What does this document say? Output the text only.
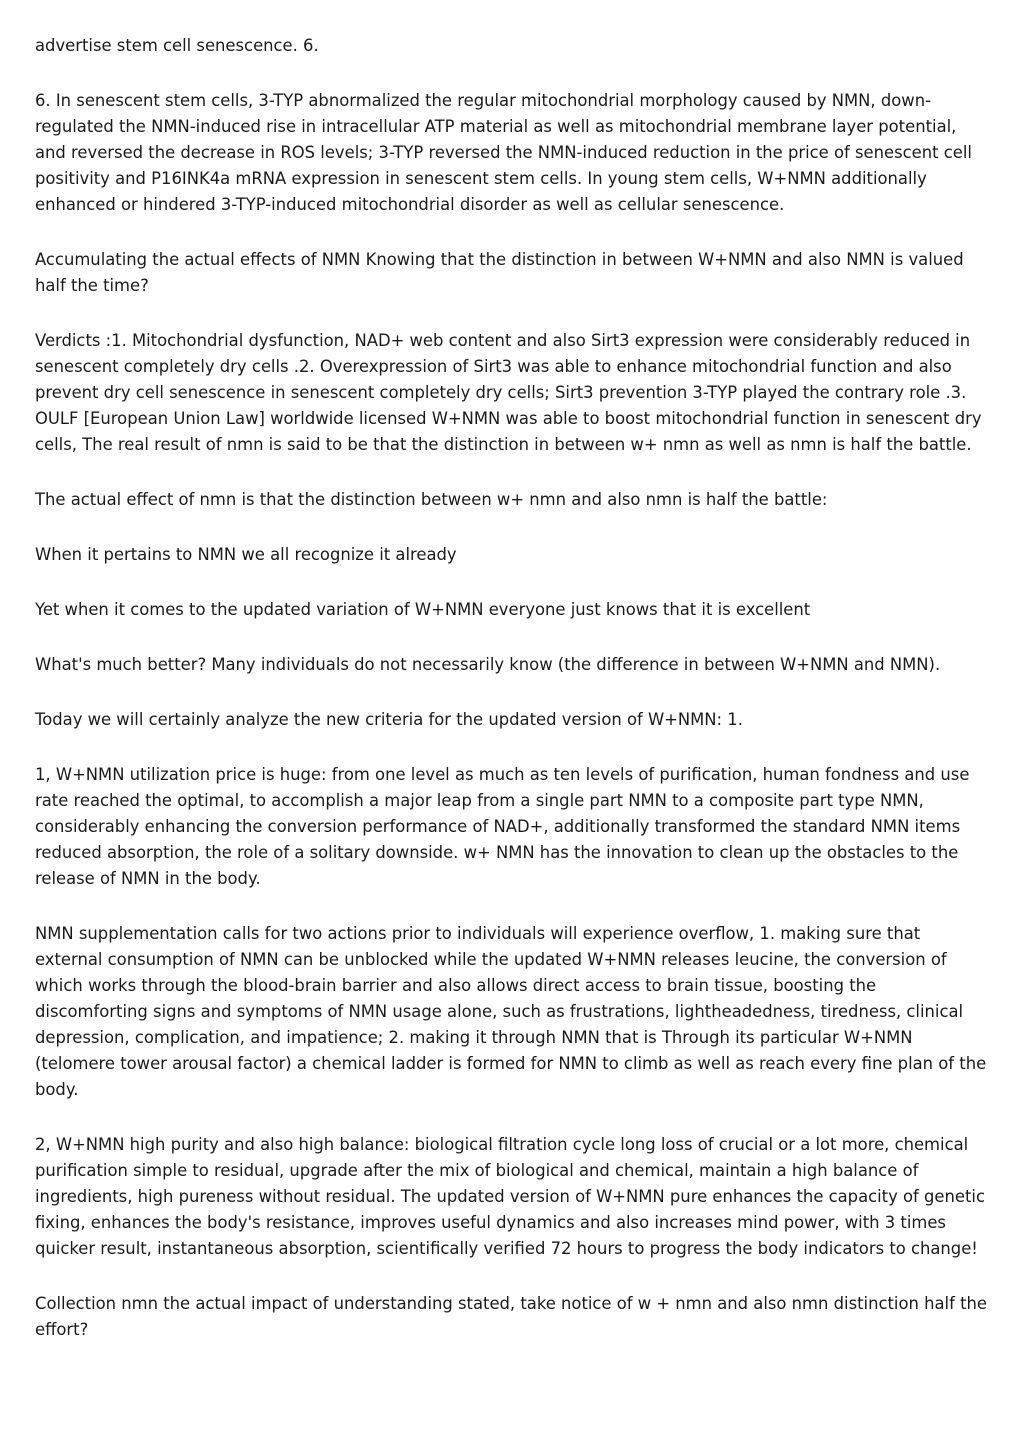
advertise stem cell senescence. 6.

6. In senescent stem cells, 3-TYP abnormalized the regular mitochondrial morphology caused by NMN, down-regulated the NMN-induced rise in intracellular ATP material as well as mitochondrial membrane layer potential, and reversed the decrease in ROS levels; 3-TYP reversed the NMN-induced reduction in the price of senescent cell positivity and P16INK4a mRNA expression in senescent stem cells. In young stem cells, W+NMN additionally enhanced or hindered 3-TYP-induced mitochondrial disorder as well as cellular senescence.

Accumulating the actual effects of NMN Knowing that the distinction in between W+NMN and also NMN is valued half the time?

Verdicts :1. Mitochondrial dysfunction, NAD+ web content and also Sirt3 expression were considerably reduced in senescent completely dry cells .2. Overexpression of Sirt3 was able to enhance mitochondrial function and also prevent dry cell senescence in senescent completely dry cells; Sirt3 prevention 3-TYP played the contrary role .3. OULF [European Union Law] worldwide licensed W+NMN was able to boost mitochondrial function in senescent dry cells, The real result of nmn is said to be that the distinction in between w+ nmn as well as nmn is half the battle.

The actual effect of nmn is that the distinction between w+ nmn and also nmn is half the battle:

When it pertains to NMN we all recognize it already

Yet when it comes to the updated variation of W+NMN everyone just knows that it is excellent

What's much better? Many individuals do not necessarily know (the difference in between W+NMN and NMN).

Today we will certainly analyze the new criteria for the updated version of W+NMN: 1.

1, W+NMN utilization price is huge: from one level as much as ten levels of purification, human fondness and use rate reached the optimal, to accomplish a major leap from a single part NMN to a composite part type NMN, considerably enhancing the conversion performance of NAD+, additionally transformed the standard NMN items reduced absorption, the role of a solitary downside. w+ NMN has the innovation to clean up the obstacles to the release of NMN in the body.

NMN supplementation calls for two actions prior to individuals will experience overflow, 1. making sure that external consumption of NMN can be unblocked while the updated W+NMN releases leucine, the conversion of which works through the blood-brain barrier and also allows direct access to brain tissue, boosting the discomforting signs and symptoms of NMN usage alone, such as frustrations, lightheadedness, tiredness, clinical depression, complication, and impatience; 2. making it through NMN that is Through its particular W+NMN (telomere tower arousal factor) a chemical ladder is formed for NMN to climb as well as reach every fine plan of the body.

2, W+NMN high purity and also high balance: biological filtration cycle long loss of crucial or a lot more, chemical purification simple to residual, upgrade after the mix of biological and chemical, maintain a high balance of ingredients, high pureness without residual. The updated version of W+NMN pure enhances the capacity of genetic fixing, enhances the body's resistance, improves useful dynamics and also increases mind power, with 3 times quicker result, instantaneous absorption, scientifically verified 72 hours to progress the body indicators to change!

Collection nmn the actual impact of understanding stated, take notice of w + nmn and also nmn distinction half the effort?
